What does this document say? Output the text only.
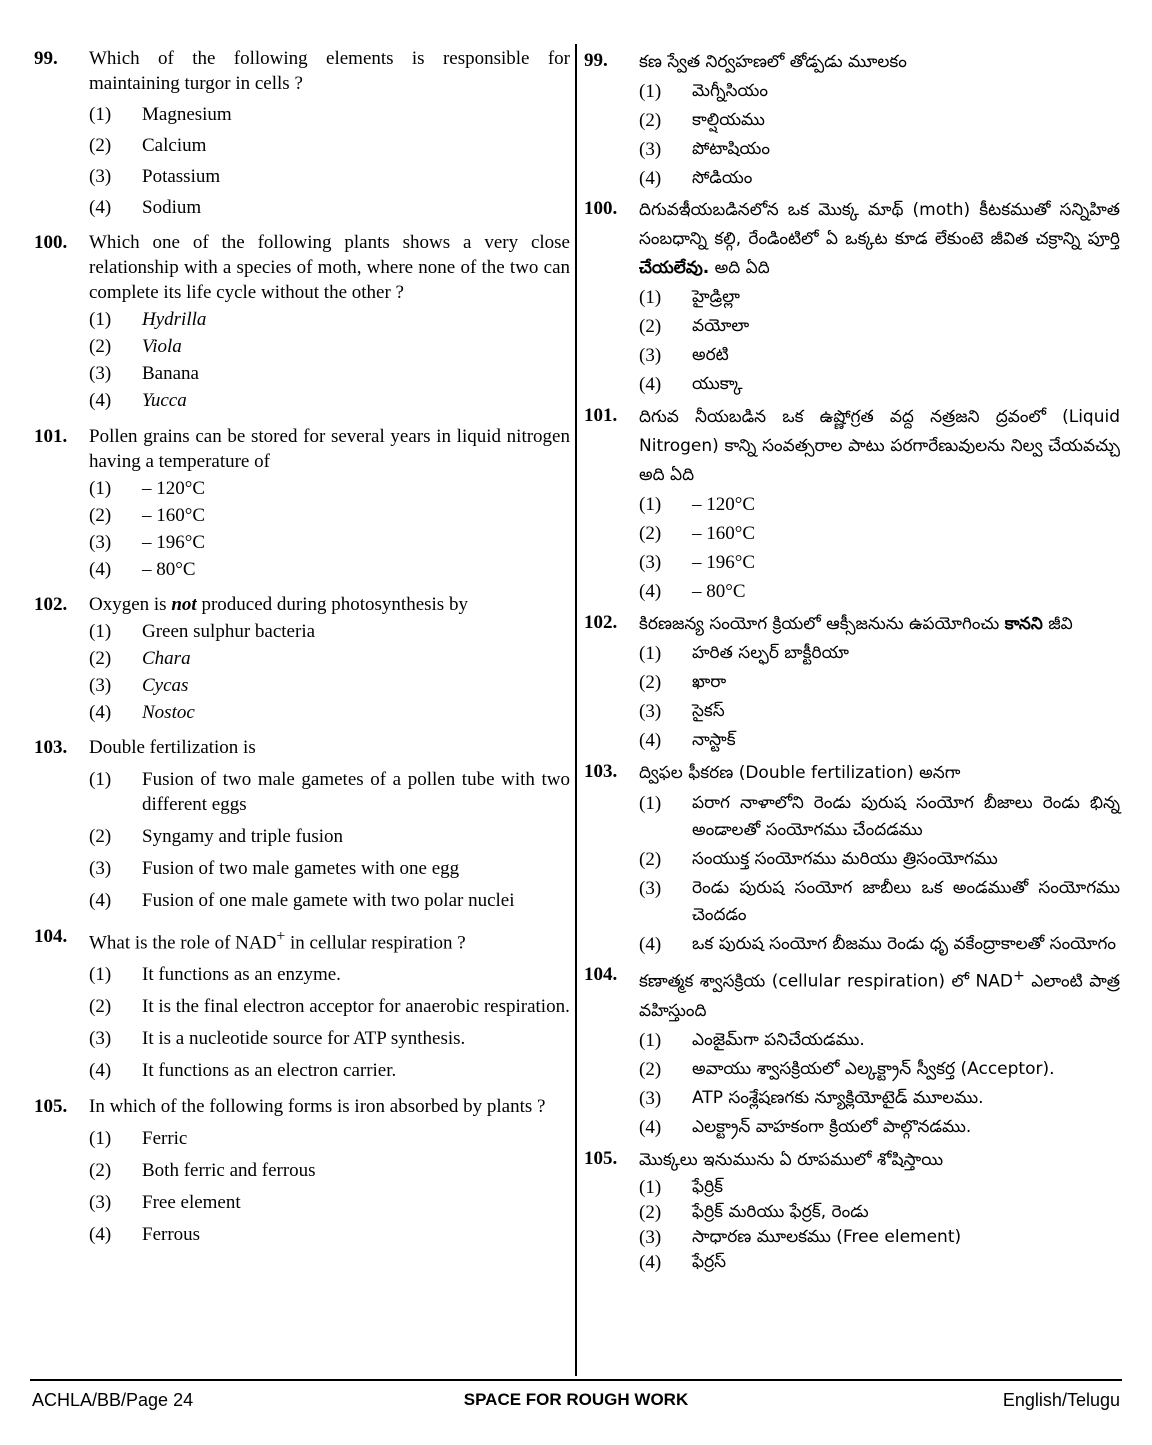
99.	Which of the following elements is responsible for maintaining turgor in cells ?
(1)	Magnesium
(2)	Calcium
(3)	Potassium
(4)	Sodium
100.	Which one of the following plants shows a very close relationship with a species of moth, where none of the two can complete its life cycle without the other ?
(1)	Hydrilla
(2)	Viola
(3)	Banana
(4)	Yucca
101.	Pollen grains can be stored for several years in liquid nitrogen having a temperature of
(1)	– 120°C
(2)	– 160°C
(3)	– 196°C
(4)	– 80°C
102.	Oxygen is not produced during photosynthesis by
(1)	Green sulphur bacteria
(2)	Chara
(3)	Cycas
(4)	Nostoc
103.	Double fertilization is
(1)	Fusion of two male gametes of a pollen tube with two different eggs
(2)	Syngamy and triple fusion
(3)	Fusion of two male gametes with one egg
(4)	Fusion of one male gamete with two polar nuclei
104.	What is the role of NAD+ in cellular respiration ?
(1)	It functions as an enzyme.
(2)	It is the final electron acceptor for anaerobic respiration.
(3)	It is a nucleotide source for ATP synthesis.
(4)	It functions as an electron carrier.
105.	In which of the following forms is iron absorbed by plants ?
(1)	Ferric
(2)	Both ferric and ferrous
(3)	Free element
(4)	Ferrous
99.	కణ స్వేత నిర్వహణలో తోడ్పడు మూలకం
(1)	మెగ్నీసియం
(2)	కాల్షియము
(3)	పోటాషియం
(4)	సోడియం
100.	దిగువఇీయబడినలోన ఒక మొక్క మాథ్ (moth) కీటకముతో సన్నిహిత సంబధాన్ని కల్గి, రేండింటిలో ఏ ఒక్కట కూడ లేకుంటె జీవిత చక్రాన్ని పూర్తి చేయలేవు. అది ఏది
(1)	హైడ్రిల్లా
(2)	వయోలా
(3)	అరటి
(4)	యుక్కా
101.	దిగువ నీయబడిన ఒక ఉష్ణోగ్రత వద్ద నత్రజని ద్రవంలో (Liquid Nitrogen) కాన్ని సంవత్సరాల పాటు పరగారేణువులను నిల్వ చేయవచ్చు అది ఏది
(1)	– 120°C
(2)	– 160°C
(3)	– 196°C
(4)	– 80°C
102.	కిరణజన్య సంయోగ క్రియలో ఆక్సీజనును ఉపయోగించు కానని జీవి
(1)	హరిత సల్ఫర్ బాక్టీరియా
(2)	ఖారా
(3)	సైకస్
(4)	నాస్టాక్
103.	ద్విఫల ఫీకరణ (Double fertilization) అనగా
(1)	పరాగ నాళాలోని రెండు పురుష సంయోగ బీజాలు రెండు భిన్న అండాలతో సంయోగము చేందడము
(2)	సంయుక్త సంయోగము మరియు త్రిసంయోగము
(3)	రెండు పురుష సంయోగ జాబీలు ఒక అండముతో సంయోగము చెందడం
(4)	ఒక పురుష సంయోగ బీజము రెండు ధృ వకేంద్రాకాలతో సంయోగం
104.	కణాత్మక శ్వాసక్రియ (cellular respiration) లో NAD+ ఎలాంటి పాత్ర వహిస్తుంది
(1)	ఎంజైమ్‌గా పనిచేయడము.
(2)	అవాయు శ్వాసక్రియలో ఎల్కక్ట్రాన్ స్వీకర్త (Acceptor).
(3)	ATP సంశ్లేషణగకు న్యూక్లియోటైడ్ మూలము.
(4)	ఎలక్ట్రాన్ వాహకంగా క్రియలో పాల్గొనడము.
105.	మొక్కలు ఇనుమును ఏ రూపములో శోషిస్తాయి
(1)	ఫేర్రిక్
(2)	ఫేర్రిక్ మరియు ఫేర్రక్, రెండు
(3)	సాధారణ మూలకము (Free element)
(4)	ఫేర్రస్
ACHLA/BB/Page 24	SPACE FOR ROUGH WORK	English/Telugu
